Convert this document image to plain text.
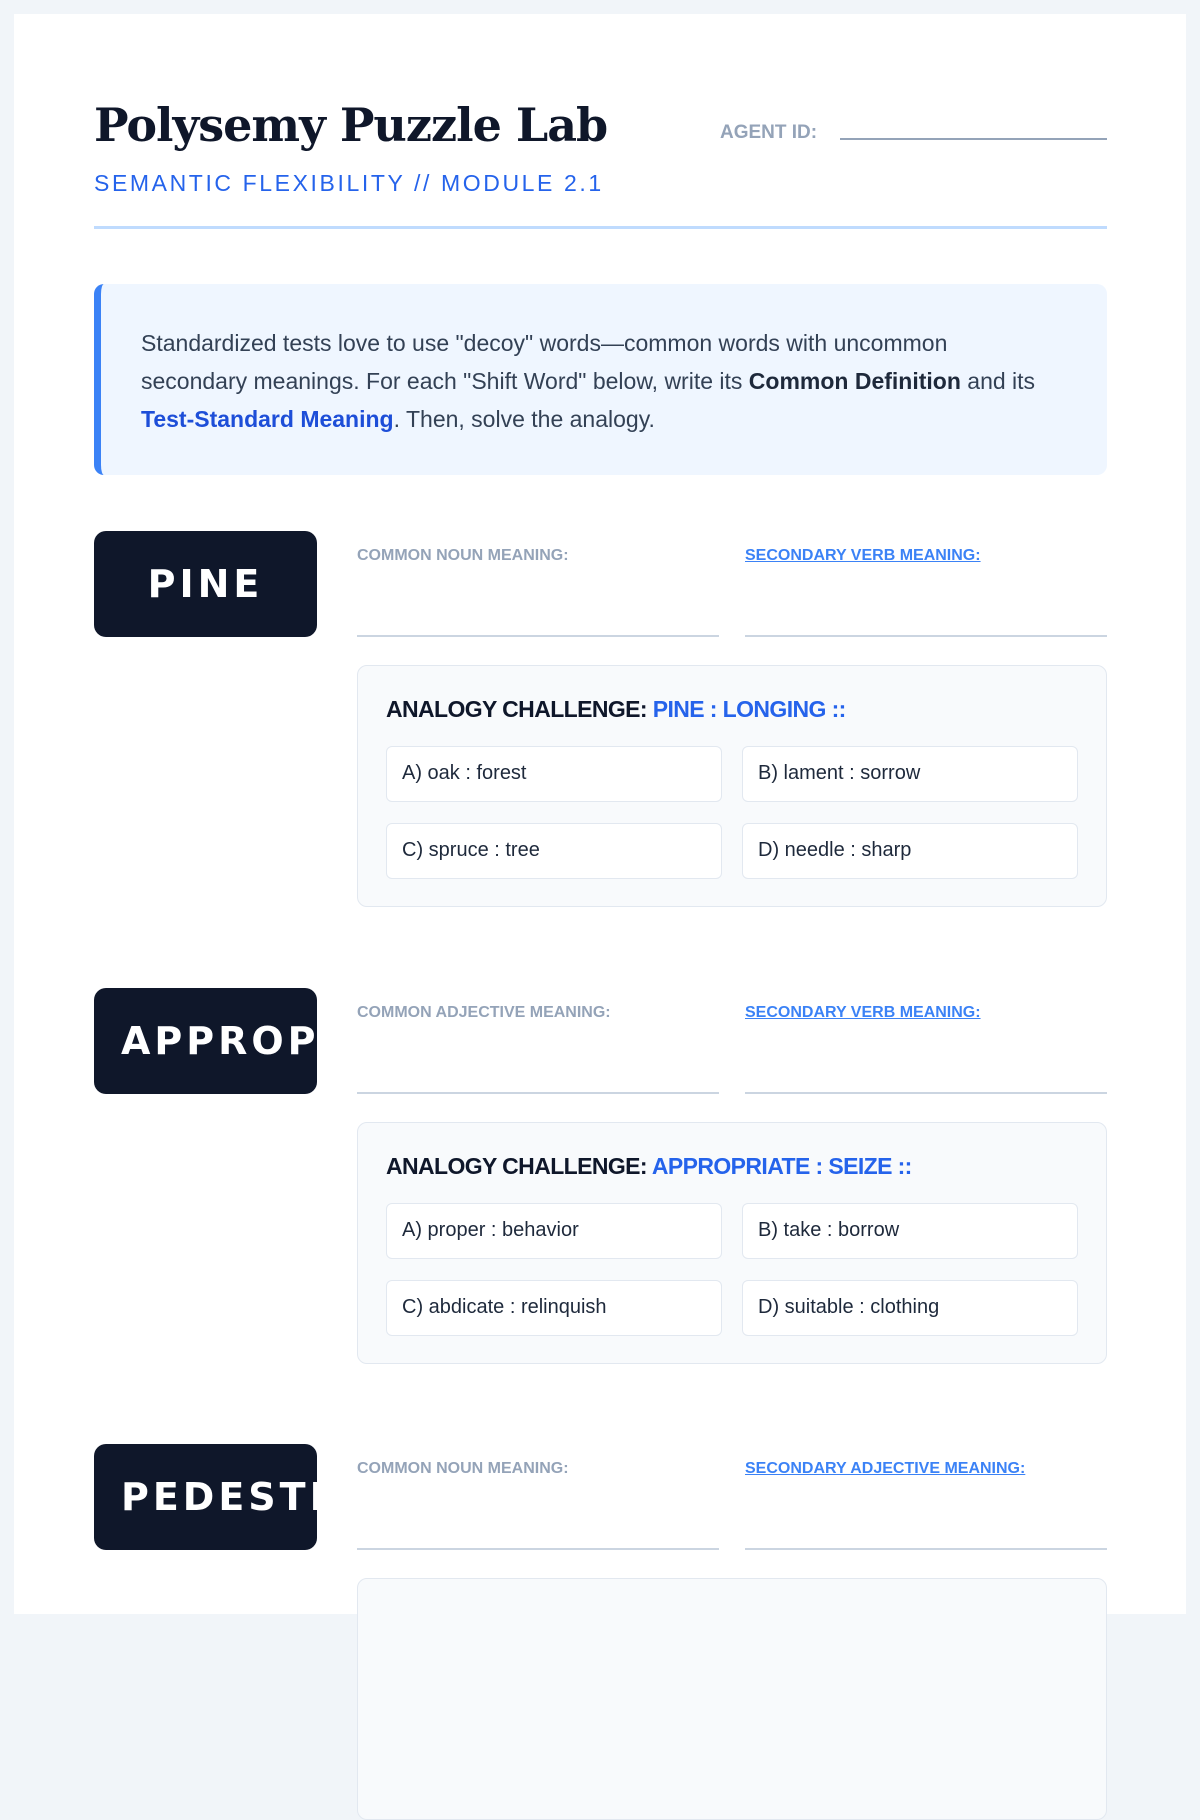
Polysemy Puzzle Lab
SEMANTIC FLEXIBILITY // MODULE 2.1
AGENT ID:
Standardized tests love to use "decoy" words—common words with uncommon secondary meanings. For each "Shift Word" below, write its Common Definition and its Test-Standard Meaning. Then, solve the analogy.
PINE
COMMON NOUN MEANING:	SECONDARY VERB MEANING:
ANALOGY CHALLENGE: PINE : LONGING ::
A) oak : forest	B) lament : sorrow
C) spruce : tree	D) needle : sharp
APPROPRIATE
COMMON ADJECTIVE MEANING:	SECONDARY VERB MEANING:
ANALOGY CHALLENGE: APPROPRIATE : SEIZE ::
A) proper : behavior	B) take : borrow
C) abdicate : relinquish	D) suitable : clothing
PEDESTRIAN
COMMON NOUN MEANING:	SECONDARY ADJECTIVE MEANING:
